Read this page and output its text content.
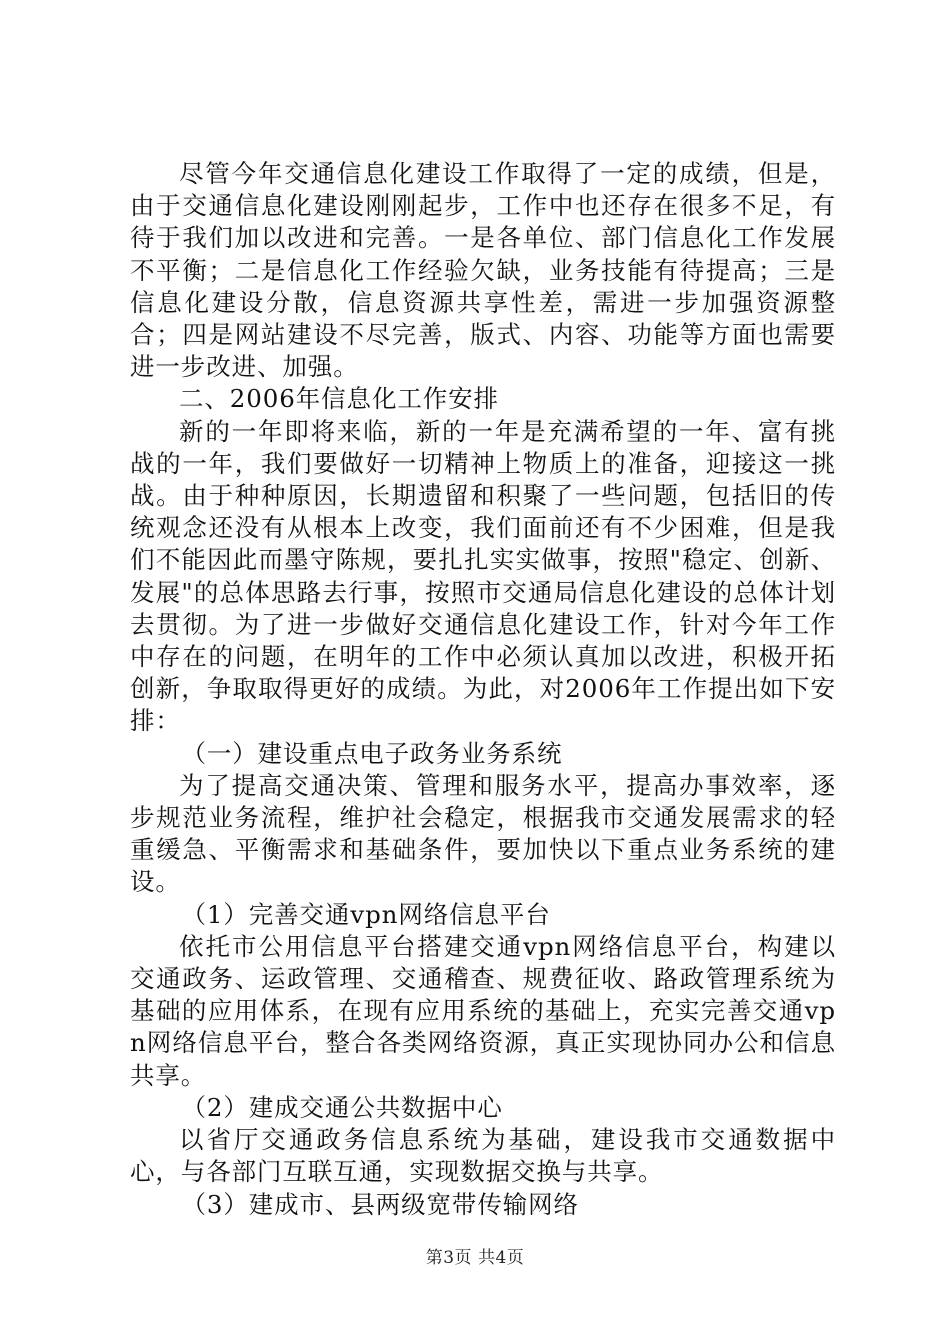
尽管今年交通信息化建设工作取得了一定的成绩，但是，由于交通信息化建设刚刚起步，工作中也还存在很多不足，有待于我们加以改进和完善。一是各单位、部门信息化工作发展不平衡；二是信息化工作经验欠缺，业务技能有待提高；三是信息化建设分散，信息资源共享性差，需进一步加强资源整合；四是网站建设不尽完善，版式、内容、功能等方面也需要进一步改进、加强。

二、2006年信息化工作安排

新的一年即将来临，新的一年是充满希望的一年、富有挑战的一年，我们要做好一切精神上物质上的准备，迎接这一挑战。由于种种原因，长期遗留和积聚了一些问题，包括旧的传统观念还没有从根本上改变，我们面前还有不少困难，但是我们不能因此而墨守陈规，要扎扎实实做事，按照"稳定、创新、发展"的总体思路去行事，按照市交通局信息化建设的总体计划去贯彻。为了进一步做好交通信息化建设工作，针对今年工作中存在的问题，在明年的工作中必须认真加以改进，积极开拓创新，争取取得更好的成绩。为此，对2006年工作提出如下安排：

（一）建设重点电子政务业务系统

为了提高交通决策、管理和服务水平，提高办事效率，逐步规范业务流程，维护社会稳定，根据我市交通发展需求的轻重缓急、平衡需求和基础条件，要加快以下重点业务系统的建设。

（1）完善交通vpn网络信息平台

依托市公用信息平台搭建交通vpn网络信息平台，构建以交通政务、运政管理、交通稽查、规费征收、路政管理系统为基础的应用体系，在现有应用系统的基础上，充实完善交通vpn网络信息平台，整合各类网络资源，真正实现协同办公和信息共享。

（2）建成交通公共数据中心

以省厅交通政务信息系统为基础，建设我市交通数据中心，与各部门互联互通，实现数据交换与共享。

（3）建成市、县两级宽带传输网络

第3页 共4页
